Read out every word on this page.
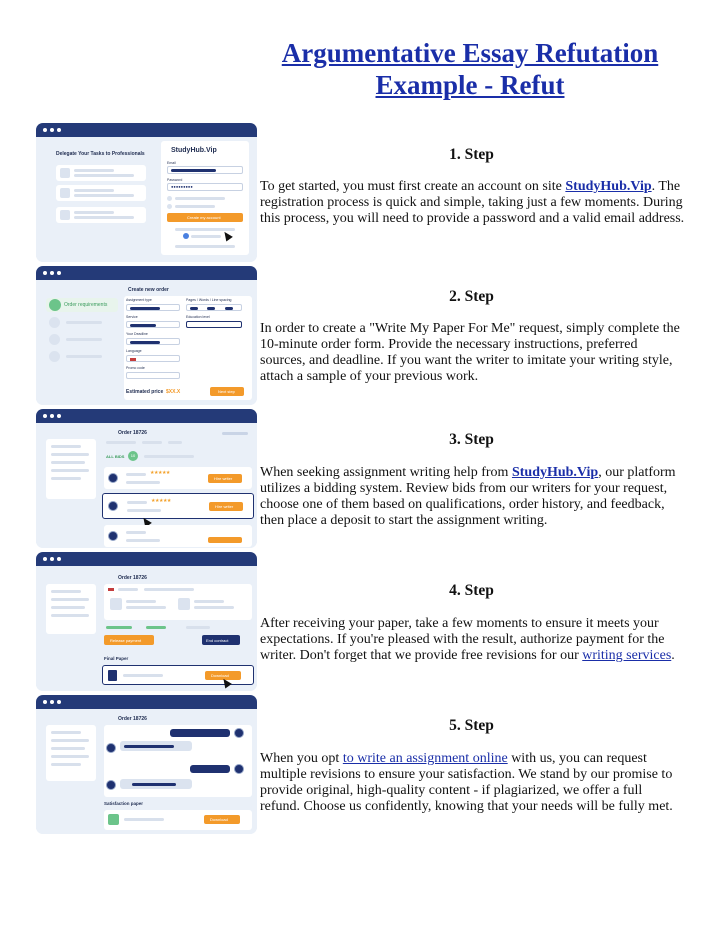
Argumentative Essay Refutation Example - Refut
Delegate Your Tasks to Professionals	StudyHub.Vip
Email
Password
●●●●●●●●●
Create my account
1. Step
To get started, you must first create an account on site StudyHub.Vip. The registration process is quick and simple, taking just a few moments. During this process, you will need to provide a password and a valid email address.
Create new order
Order requirements
Assignment type	Pages / Words / Line spacing
Service	Education level
Your Deadline
Language
Promo code
Estimated price $XX.X	Next step
2. Step
In order to create a "Write My Paper For Me" request, simply complete the 10-minute order form. Provide the necessary instructions, preferred sources, and deadline. If you want the writer to imitate your writing style, attach a sample of your previous work.
Order 18726
ALL BIDS	10
★★★★★
Hire writer
★★★★★
Hire writer
3. Step
When seeking assignment writing help from StudyHub.Vip, our platform utilizes a bidding system. Review bids from our writers for your request, choose one of them based on qualifications, order history, and feedback, then place a deposit to start the assignment writing.
Order 18726
Release payment	End contract
Final Paper
Download
4. Step
After receiving your paper, take a few moments to ensure it meets your expectations. If you're pleased with the result, authorize payment for the writer. Don't forget that we provide free revisions for our writing services.
Order 18726
Satisfaction paper
Download
5. Step
When you opt to write an assignment online with us, you can request multiple revisions to ensure your satisfaction. We stand by our promise to provide original, high-quality content - if plagiarized, we offer a full refund. Choose us confidently, knowing that your needs will be fully met.
